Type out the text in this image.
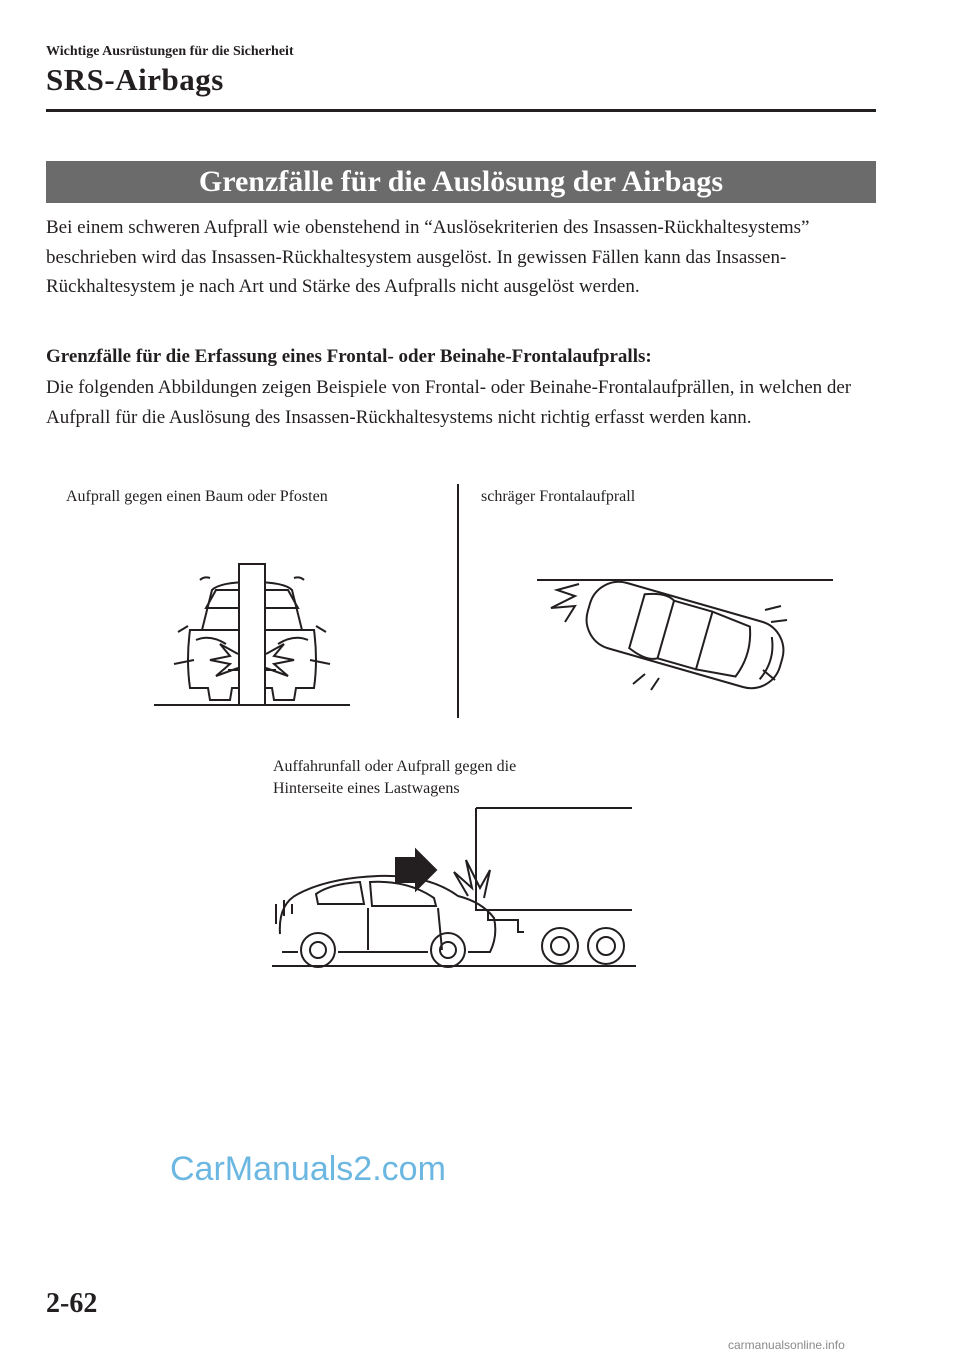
Wichtige Ausrüstungen für die Sicherheit
SRS-Airbags
Grenzfälle für die Auslösung der Airbags
Bei einem schweren Aufprall wie obenstehend in “Auslösekriterien des Insassen-Rückhaltesystems” beschrieben wird das Insassen-Rückhaltesystem ausgelöst. In gewissen Fällen kann das Insassen-Rückhaltesystem je nach Art und Stärke des Aufpralls nicht ausgelöst werden.
Grenzfälle für die Erfassung eines Frontal- oder Beinahe-Frontalaufpralls:
Die folgenden Abbildungen zeigen Beispiele von Frontal- oder Beinahe-Frontalaufprällen, in welchen der Aufprall für die Auslösung des Insassen-Rückhaltesystems nicht richtig erfasst werden kann.
Aufprall gegen einen Baum oder Pfosten	schräger Frontalaufprall
Auffahrunfall oder Aufprall gegen die
Hinterseite eines Lastwagens
CarManuals2.com
2-62
carmanualsonline.info
